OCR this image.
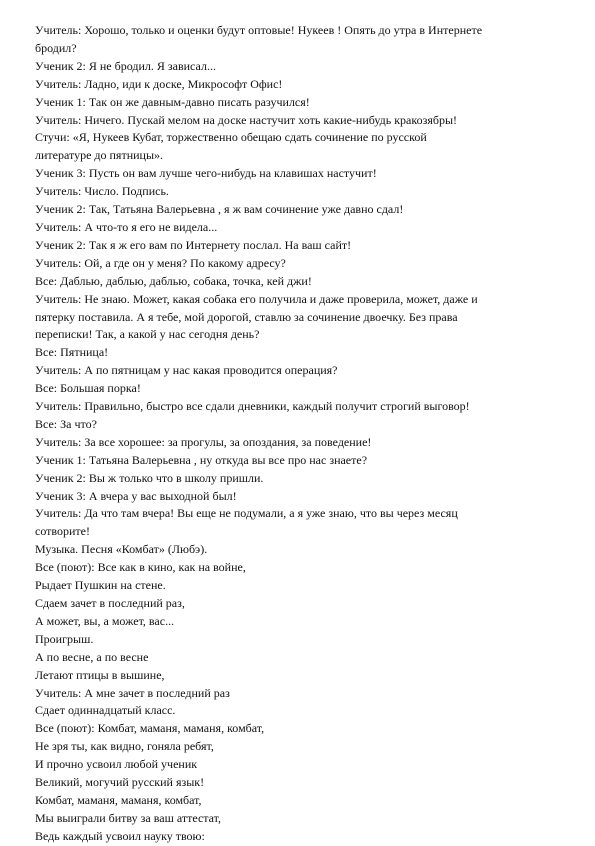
Учитель: Хорошо, только и оценки будут оптовые! Нукеев ! Опять до утра в Интернете
бродил?
Ученик 2: Я не бродил. Я зависал...
Учитель: Ладно, иди к доске, Микрософт Офис!
Ученик 1: Так он же давным-давно писать разучился!
Учитель: Ничего. Пускай мелом на доске настучит хоть какие-нибудь кракозябры!
Стучи: «Я, Нукеев Кубат, торжественно обещаю сдать сочинение по русской
литературе до пятницы».
Ученик 3: Пусть он вам лучше чего-нибудь на клавишах настучит!
Учитель: Число. Подпись.
Ученик 2: Так, Татьяна Валерьевна , я ж вам сочинение уже давно сдал!
Учитель: А что-то я его не видела...
Ученик 2: Так я ж его вам по Интернету послал. На ваш сайт!
Учитель: Ой, а где он у меня? По какому адресу?
Все: Даблью, даблью, даблью, собака, точка, кей джи!
Учитель: Не знаю. Может, какая собака его получила и даже проверила, может, даже и
пятерку поставила. А я тебе, мой дорогой, ставлю за сочинение двоечку. Без права
переписки! Так, а какой у нас сегодня день?
Все: Пятница!
Учитель: А по пятницам у нас какая проводится операция?
Все: Большая порка!
Учитель: Правильно, быстро все сдали дневники, каждый получит строгий выговор!
Все: За что?
Учитель: За все хорошее: за прогулы, за опоздания, за поведение!
Ученик 1: Татьяна Валерьевна , ну откуда вы все про нас знаете?
Ученик 2: Вы ж только что в школу пришли.
Ученик 3: А вчера у вас выходной был!
Учитель: Да что там вчера! Вы еще не подумали, а я уже знаю, что вы через месяц
сотворите!
Музыка. Песня «Комбат» (Любэ).
Все (поют): Все как в кино, как на войне,
Рыдает Пушкин на стене.
Сдаем зачет в последний раз,
А может, вы, а может, вас...
Проигрыш.
А по весне, а по весне
Летают птицы в вышине,
Учитель: А мне зачет в последний раз
Сдает одиннадцатый класс.
Все (поют): Комбат, маманя, маманя, комбат,
Не зря ты, как видно, гоняла ребят,
И прочно усвоил любой ученик
Великий, могучий русский язык!
Комбат, маманя, маманя, комбат,
Мы выиграли битву за ваш аттестат,
Ведь каждый усвоил науку твою:
